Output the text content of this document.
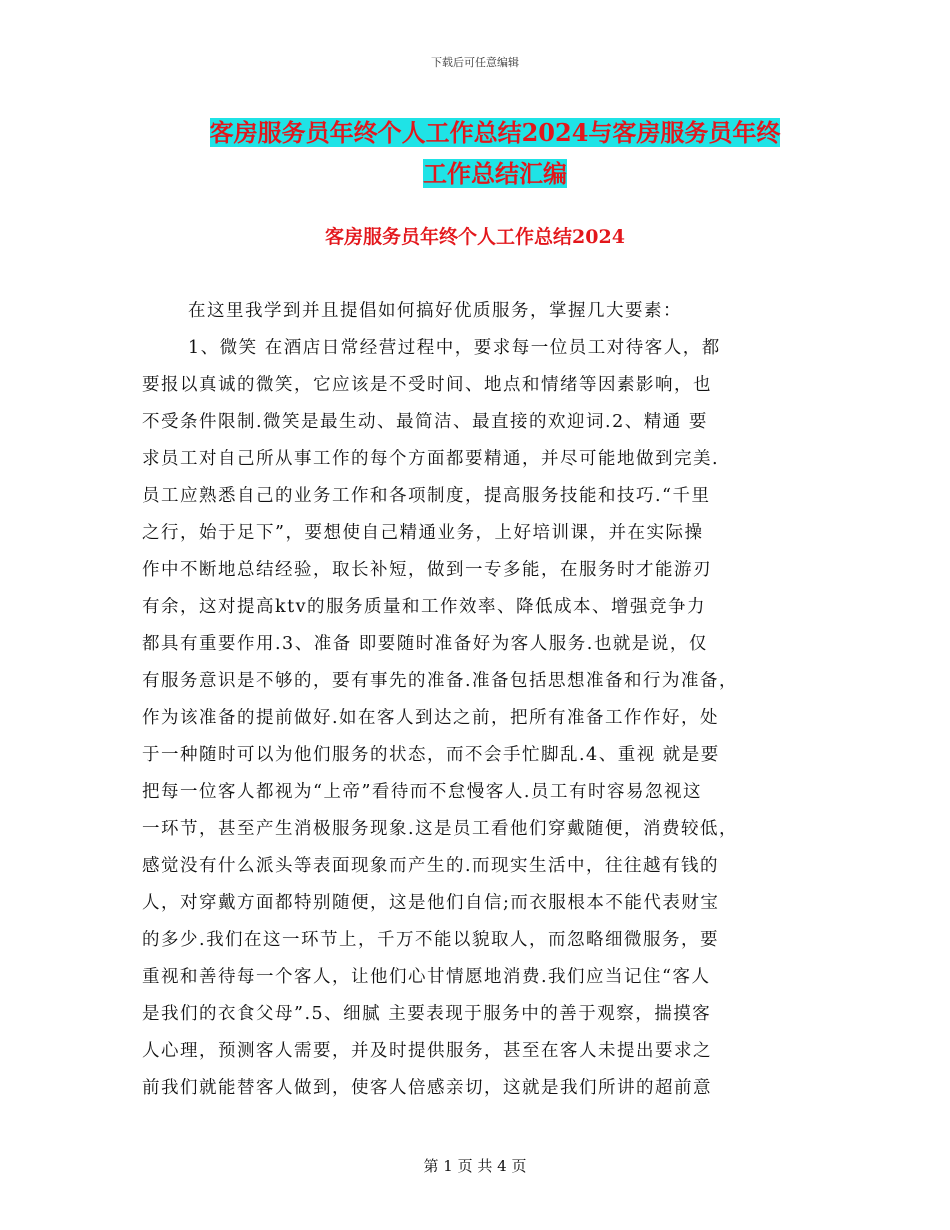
下载后可任意编辑
客房服务员年终个人工作总结2024与客房服务员年终
工作总结汇编
客房服务员年终个人工作总结2024
在这里我学到并且提倡如何搞好优质服务，掌握几大要素：
1、微笑 在酒店日常经营过程中，要求每一位员工对待客人，都
要报以真诚的微笑，它应该是不受时间、地点和情绪等因素影响，也
不受条件限制.微笑是最生动、最简洁、最直接的欢迎词.2、精通 要
求员工对自己所从事工作的每个方面都要精通，并尽可能地做到完美.
员工应熟悉自己的业务工作和各项制度，提高服务技能和技巧.“千里
之行，始于足下”，要想使自己精通业务，上好培训课，并在实际操
作中不断地总结经验，取长补短，做到一专多能，在服务时才能游刃
有余，这对提高ktv的服务质量和工作效率、降低成本、增强竞争力
都具有重要作用.3、准备 即要随时准备好为客人服务.也就是说，仅
有服务意识是不够的，要有事先的准备.准备包括思想准备和行为准备，
作为该准备的提前做好.如在客人到达之前，把所有准备工作作好，处
于一种随时可以为他们服务的状态，而不会手忙脚乱.4、重视 就是要
把每一位客人都视为“上帝”看待而不怠慢客人.员工有时容易忽视这
一环节，甚至产生消极服务现象.这是员工看他们穿戴随便，消费较低，
感觉没有什么派头等表面现象而产生的.而现实生活中，往往越有钱的
人，对穿戴方面都特别随便，这是他们自信;而衣服根本不能代表财宝
的多少.我们在这一环节上，千万不能以貌取人，而忽略细微服务，要
重视和善待每一个客人，让他们心甘情愿地消费.我们应当记住“客人
是我们的衣食父母”.5、细腻 主要表现于服务中的善于观察，揣摸客
人心理，预测客人需要，并及时提供服务，甚至在客人未提出要求之
前我们就能替客人做到，使客人倍感亲切，这就是我们所讲的超前意
第 1 页 共 4 页
